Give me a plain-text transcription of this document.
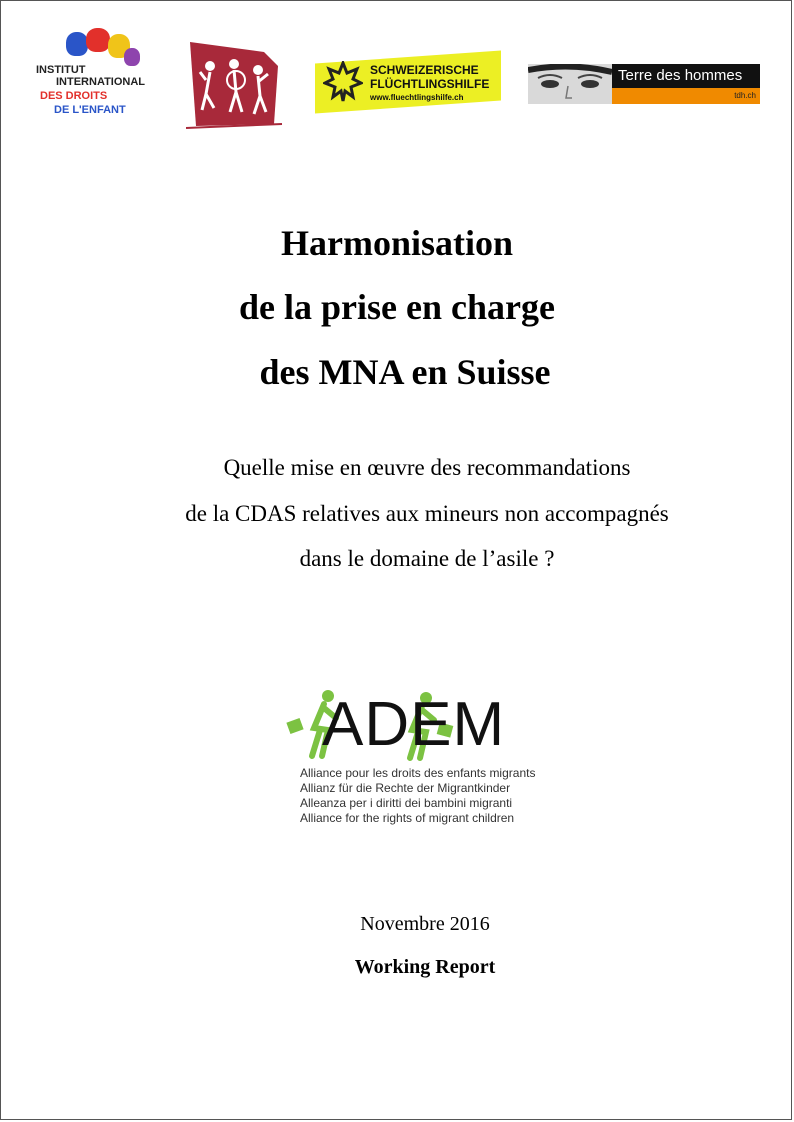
INSTITUT
INTERNATIONAL
DES DROITS
DE L'ENFANT
SCHWEIZERISCHE
FLÜCHTLINGSHILFE
www.fluechtlingshilfe.ch
Terre des hommes
tdh.ch
Harmonisation
de la prise en charge
des MNA en Suisse
Quelle mise en œuvre des recommandations
de la CDAS relatives aux mineurs non accompagnés
dans le domaine de l’asile ?
ADEM
Alliance pour les droits des enfants migrants
Allianz für die Rechte der Migrantkinder
Alleanza per i diritti dei bambini migranti
Alliance for the rights of migrant children
Novembre 2016
Working Report
